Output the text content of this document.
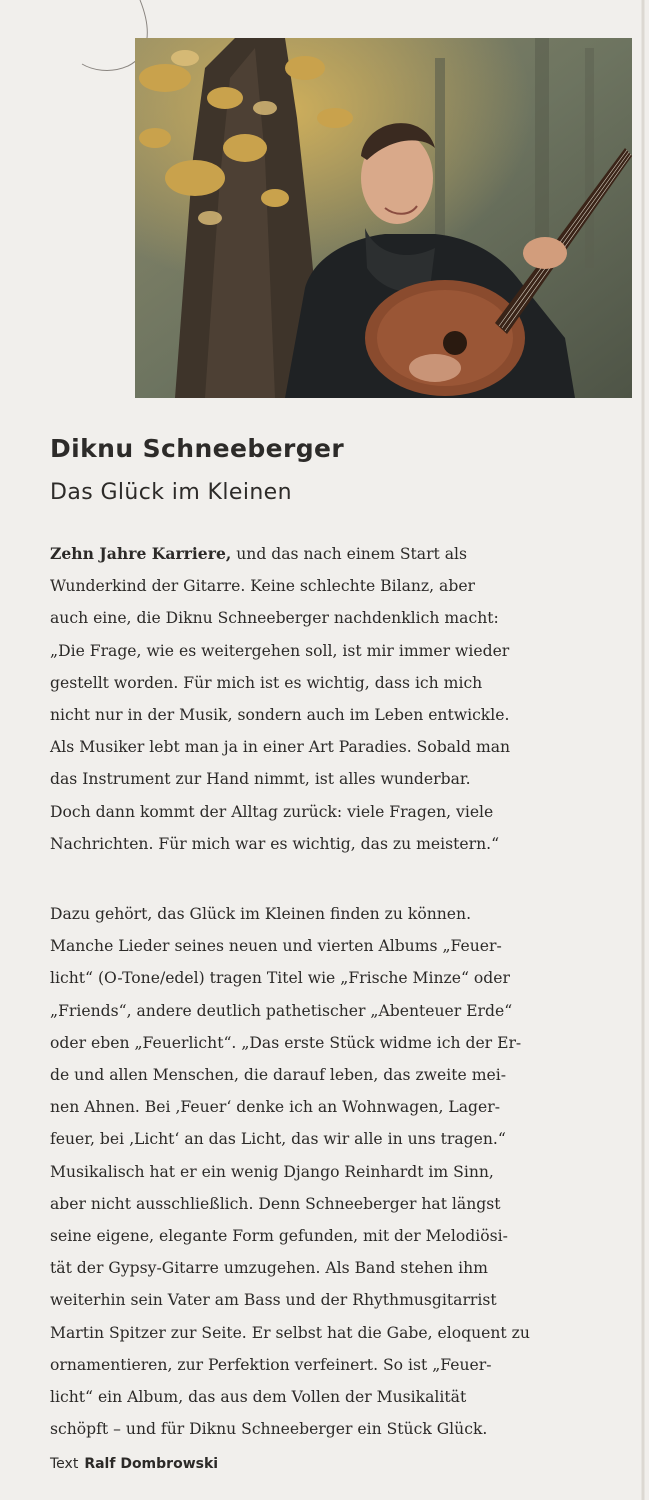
Diknu Schneeberger
Das Glück im Kleinen

Zehn Jahre Karriere, und das nach einem Start als
Wunderkind der Gitarre. Keine schlechte Bilanz, aber
auch eine, die Diknu Schneeberger nachdenklich macht:
„Die Frage, wie es weitergehen soll, ist mir immer wieder
gestellt worden. Für mich ist es wichtig, dass ich mich
nicht nur in der Musik, sondern auch im Leben entwickle.
Als Musiker lebt man ja in einer Art Paradies. Sobald man
das Instrument zur Hand nimmt, ist alles wunderbar.
Doch dann kommt der Alltag zurück: viele Fragen, viele
Nachrichten. Für mich war es wichtig, das zu meistern.“

Dazu gehört, das Glück im Kleinen finden zu können.
Manche Lieder seines neuen und vierten Albums „Feuer-
licht“ (O-Tone/edel) tragen Titel wie „Frische Minze“ oder
„Friends“, andere deutlich pathetischer „Abenteuer Erde“
oder eben „Feuerlicht“. „Das erste Stück widme ich der Er-
de und allen Menschen, die darauf leben, das zweite mei-
nen Ahnen. Bei ‚Feuer‘ denke ich an Wohnwagen, Lager-
feuer, bei ‚Licht‘ an das Licht, das wir alle in uns tragen.“
Musikalisch hat er ein wenig Django Reinhardt im Sinn,
aber nicht ausschließlich. Denn Schneeberger hat längst
seine eigene, elegante Form gefunden, mit der Melodiösi-
tät der Gypsy-Gitarre umzugehen. Als Band stehen ihm
weiterhin sein Vater am Bass und der Rhythmusgitarrist
Martin Spitzer zur Seite. Er selbst hat die Gabe, eloquent zu
ornamentieren, zur Perfektion verfeinert. So ist „Feuer-
licht“ ein Album, das aus dem Vollen der Musikalität
schöpft – und für Diknu Schneeberger ein Stück Glück.

Text Ralf Dombrowski
